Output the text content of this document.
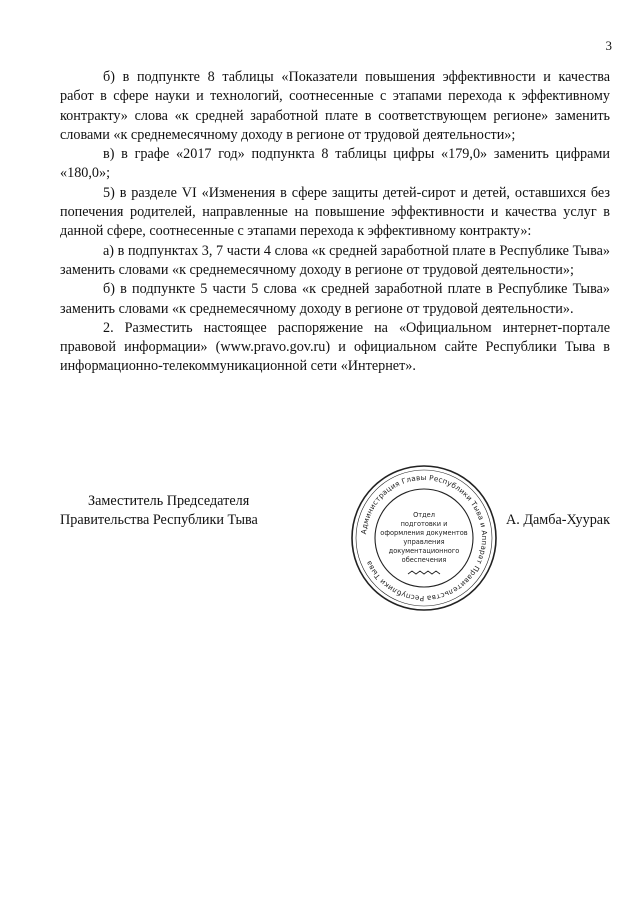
3

б) в подпункте 8 таблицы «Показатели повышения эффективности и качества работ в сфере науки и технологий, соотнесенные с этапами перехода к эффективному контракту» слова «к средней заработной плате в соответствующем регионе» заменить словами «к среднемесячному доходу в регионе от трудовой деятельности»;

в) в графе «2017 год» подпункта 8 таблицы цифры «179,0» заменить цифрами «180,0»;

5) в разделе VI «Изменения в сфере защиты детей-сирот и детей, оставшихся без попечения родителей, направленные на повышение эффективности и качества услуг в данной сфере, соотнесенные с этапами перехода к эффективному контракту»:

а) в подпунктах 3, 7 части 4 слова «к средней заработной плате в Республике Тыва» заменить словами «к среднемесячному доходу в регионе от трудовой деятельности»;

б) в подпункте 5 части 5 слова «к средней заработной плате в Республике Тыва» заменить словами «к среднемесячному доходу в регионе от трудовой деятельности».

2. Разместить настоящее распоряжение на «Официальном интернет-портале правовой информации» (www.pravo.gov.ru) и официальном сайте Республики Тыва в информационно-телекоммуникационной сети «Интернет».

Заместитель Председателя
Правительства Республики Тыва
Администрация Главы Республики Тыва и Аппарат Правительства Республики Тыва
Отдел
подготовки и
оформления документов
управления
документационного
обеспечения
А. Дамба-Хуурак
